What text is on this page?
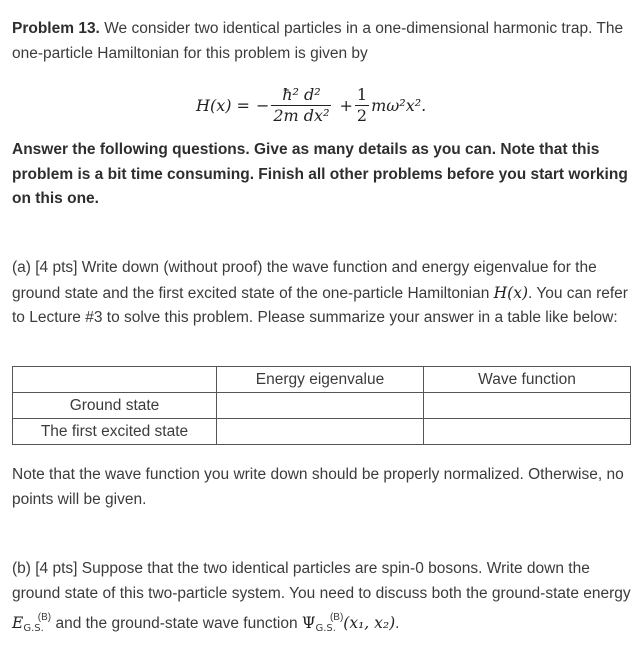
Problem 13. We consider two identical particles in a one-dimensional harmonic trap. The one-particle Hamiltonian for this problem is given by
H(x) = − $\frac{\text{ħ² d²}}{\text{2m dx²}} + \frac{1}{2} m\omega^2x^2$.
Answer the following questions. Give as many details as you can. Note that this problem is a bit time consuming. Finish all other problems before you start working on this one.
(a) [4 pts] Write down (without proof) the wave function and energy eigenvalue for the ground state and the first excited state of the one-particle Hamiltonian H(x). You can refer to Lecture #3 to solve this problem. Please summarize your answer in a table like below:
	Energy eigenvalue	Wave function
Ground state		
The first excited state		
Note that the wave function you write down should be properly normalized. Otherwise, no points will be given.
(b) [4 pts] Suppose that the two identical particles are spin-0 bosons. Write down the ground state of this two-particle system. You need to discuss both the ground-state energy $E_{G.S.}^{(B)}$ and the ground-state wave function $\Psi_{G.S.}^{(B)}(x_1$, x₂).
